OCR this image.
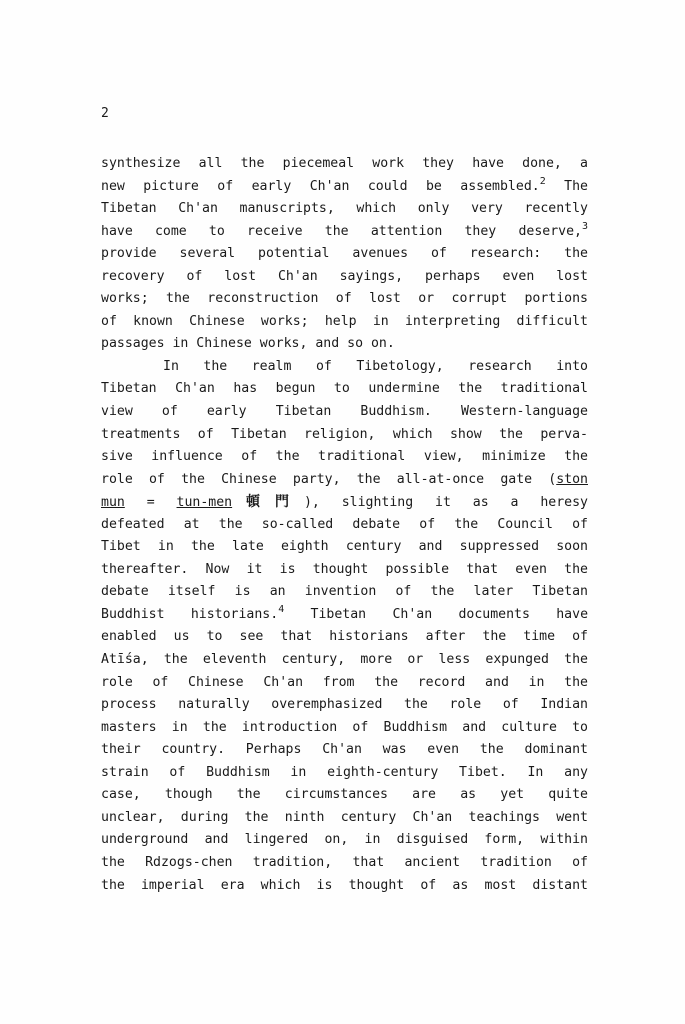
2
synthesize all the piecemeal work they have done, a
new picture of early Ch'an could be assembled.$^2$ The
Tibetan Ch'an manuscripts, which only very recently
have come to receive the attention they deserve,$^3$
provide several potential avenues of research: the
recovery of lost Ch'an sayings, perhaps even lost
works; the reconstruction of lost or corrupt portions
of known Chinese works; help in interpreting difficult
passages in Chinese works, and so on.
In the realm of Tibetology, research into
Tibetan Ch'an has begun to undermine the traditional
view of early Tibetan Buddhism. Western-language
treatments of Tibetan religion, which show the perva-
sive influence of the traditional view, minimize the
role of the Chinese party, the all-at-once gate (ston
mun = tun-men頓門), slighting it as a heresy
defeated at the so-called debate of the Council of
Tibet in the late eighth century and suppressed soon
thereafter. Now it is thought possible that even the
debate itself is an invention of the later Tibetan
Buddhist historians.$^4$ Tibetan Ch'an documents have
enabled us to see that historians after the time of
Atīśa, the eleventh century, more or less expunged the
role of Chinese Ch'an from the record and in the
process naturally overemphasized the role of Indian
masters in the introduction of Buddhism and culture to
their country. Perhaps Ch'an was even the dominant
strain of Buddhism in eighth-century Tibet. In any
case, though the circumstances are as yet quite
unclear, during the ninth century Ch'an teachings went
underground and lingered on, in disguised form, within
the Rdzogs-chen tradition, that ancient tradition of
the imperial era which is thought of as most distant
